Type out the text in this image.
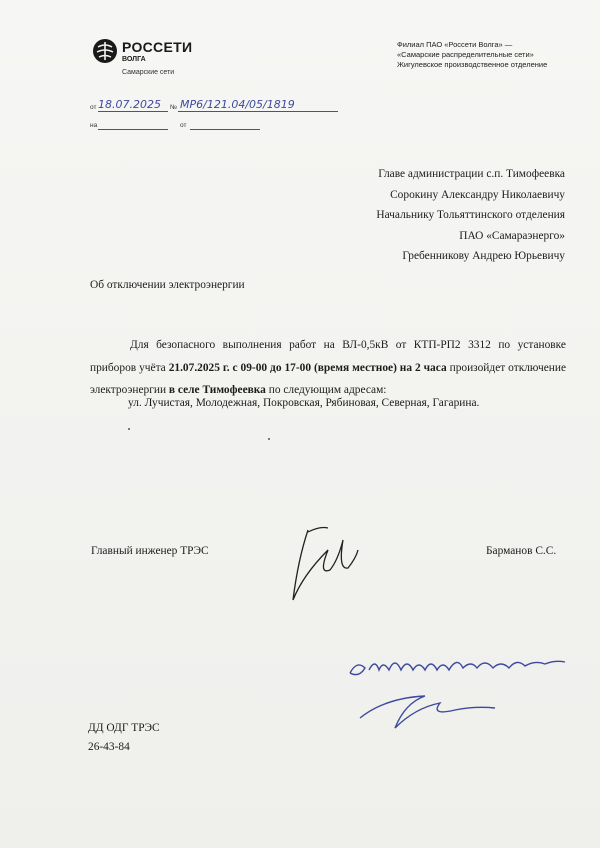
РОССЕТИ
ВОЛГА
Самарские сети
Филиал ПАО «Россети Волга» —
«Самарские распределительные сети»
Жигулевское производственное отделение
от	№
18.07.2025 МР6/121.04/05/1819
на	от
Главе администрации с.п. Тимофеевка
Сорокину Александру Николаевичу
Начальнику Тольяттинского отделения
ПАО «Самараэнерго»
Гребенникову Андрею Юрьевичу
Об отключении электроэнергии

Для безопасного выполнения работ на ВЛ-0,5кВ от КТП-РП2 3312 по установке приборов учёта 21.07.2025 г. с 09-00 до 17-00 (время местное) на 2 часа произойдет отключение электроэнергии в селе Тимофеевка по следующим адресам:

ул. Лучистая, Молодежная, Покровская, Рябиновая, Северная, Гагарина.
Главный инженер ТРЭС	Барманов С.С.
ознакомлены
ДД ОДГ ТРЭС
26-43-84
